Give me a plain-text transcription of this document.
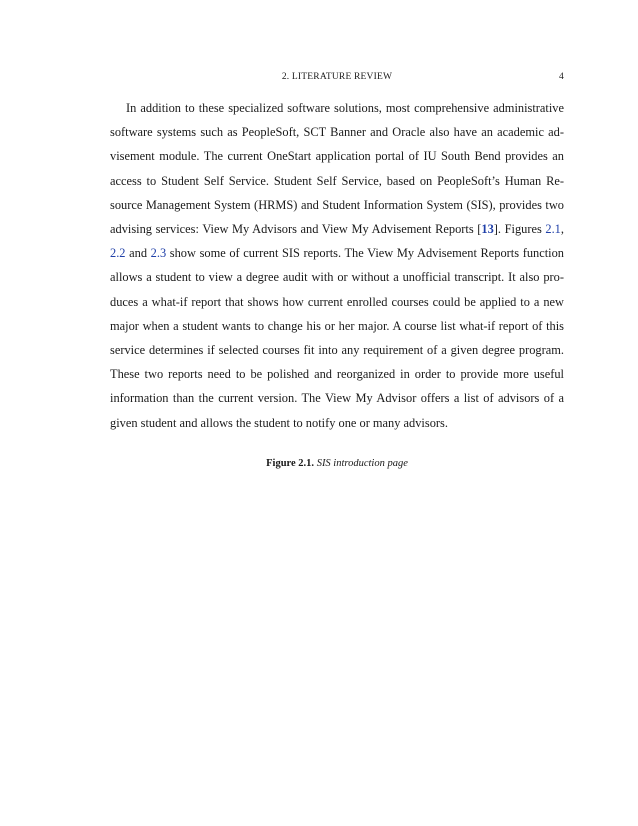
2. LITERATURE REVIEW	4

In addition to these specialized software solutions, most comprehensive administrative software systems such as PeopleSoft, SCT Banner and Oracle also have an academic advisement module. The current OneStart application portal of IU South Bend provides an access to Student Self Service. Student Self Service, based on PeopleSoft’s Human Resource Management System (HRMS) and Student Information System (SIS), provides two advising services: View My Advisors and View My Advisement Reports [13]. Figures 2.1, 2.2 and 2.3 show some of current SIS reports. The View My Advisement Reports function allows a student to view a degree audit with or without a unofficial transcript. It also produces a what-if report that shows how current enrolled courses could be applied to a new major when a student wants to change his or her major. A course list what-if report of this service determines if selected courses fit into any requirement of a given degree program. These two reports need to be polished and reorganized in order to provide more useful information than the current version. The View My Advisor offers a list of advisors of a given student and allows the student to notify one or many advisors.

Figure 2.1. SIS introduction page
